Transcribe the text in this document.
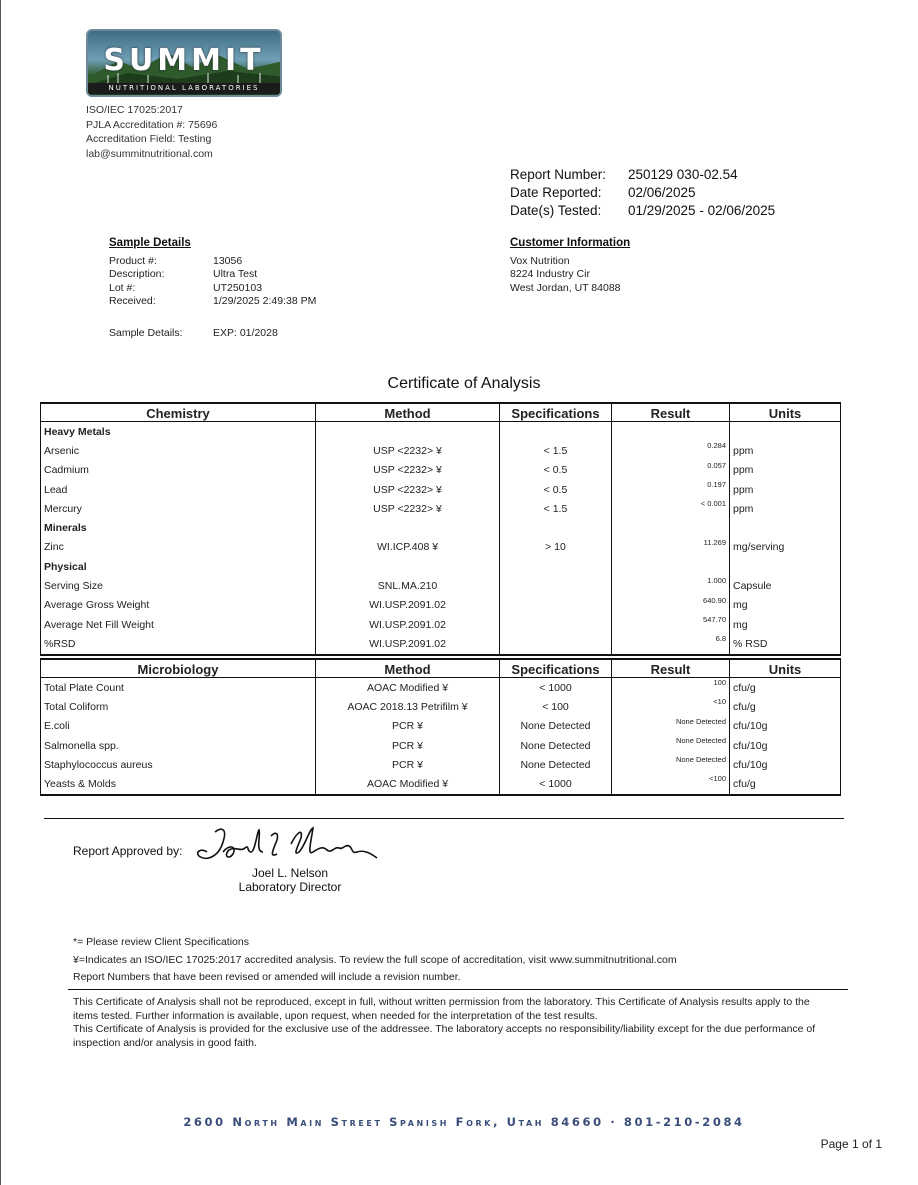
SUMMIT
NUTRITIONAL LABORATORIES
ISO/IEC 17025:2017
PJLA Accreditation #: 75696
Accreditation Field: Testing
lab@summitnutritional.com
Report Number: 250129 030-02.54
Date Reported: 02/06/2025
Date(s) Tested: 01/29/2025 - 02/06/2025
Sample Details
Product #:	13056
Description:	Ultra Test
Lot #:	UT250103
Received:	1/29/2025 2:49:38 PM
Sample Details:	EXP: 01/2028
Customer Information
Vox Nutrition
8224 Industry Cir
West Jordan, UT 84088
Certificate of Analysis
Chemistry	Method	Specifications	Result	Units
Heavy Metals				
Arsenic	USP <2232> ¥	< 1.5	0.284	ppm
Cadmium	USP <2232> ¥	< 0.5	0.057	ppm
Lead	USP <2232> ¥	< 0.5	0.197	ppm
Mercury	USP <2232> ¥	< 1.5	< 0.001	ppm
Minerals				
Zinc	WI.ICP.408 ¥	> 10	11.269	mg/serving
Physical				
Serving Size	SNL.MA.210		1.000	Capsule
Average Gross Weight	WI.USP.2091.02		640.90	mg
Average Net Fill Weight	WI.USP.2091.02		547.70	mg
%RSD	WI.USP.2091.02		6.8	% RSD
Microbiology	Method	Specifications	Result	Units
Total Plate Count	AOAC Modified ¥	< 1000	100	cfu/g
Total Coliform	AOAC 2018.13 Petrifilm ¥	< 100	<10	cfu/g
E.coli	PCR ¥	None Detected	None Detected	cfu/10g
Salmonella spp.	PCR ¥	None Detected	None Detected	cfu/10g
Staphylococcus aureus	PCR ¥	None Detected	None Detected	cfu/10g
Yeasts & Molds	AOAC Modified ¥	< 1000	<100	cfu/g
Report Approved by:
Joel L. Nelson
Laboratory Director
*= Please review Client Specifications
¥=Indicates an ISO/IEC 17025:2017 accredited analysis. To review the full scope of accreditation, visit www.summitnutritional.com
Report Numbers that have been revised or amended will include a revision number.
This Certificate of Analysis shall not be reproduced, except in full, without written permission from the laboratory. This Certificate of Analysis results apply to the items tested. Further information is available, upon request, when needed for the interpretation of the test results.
This Certificate of Analysis is provided for the exclusive use of the addressee. The laboratory accepts no responsibility/liability except for the due performance of inspection and/or analysis in good faith.
2600 North Main Street Spanish Fork, Utah 84660 · 801-210-2084
Page 1 of 1
